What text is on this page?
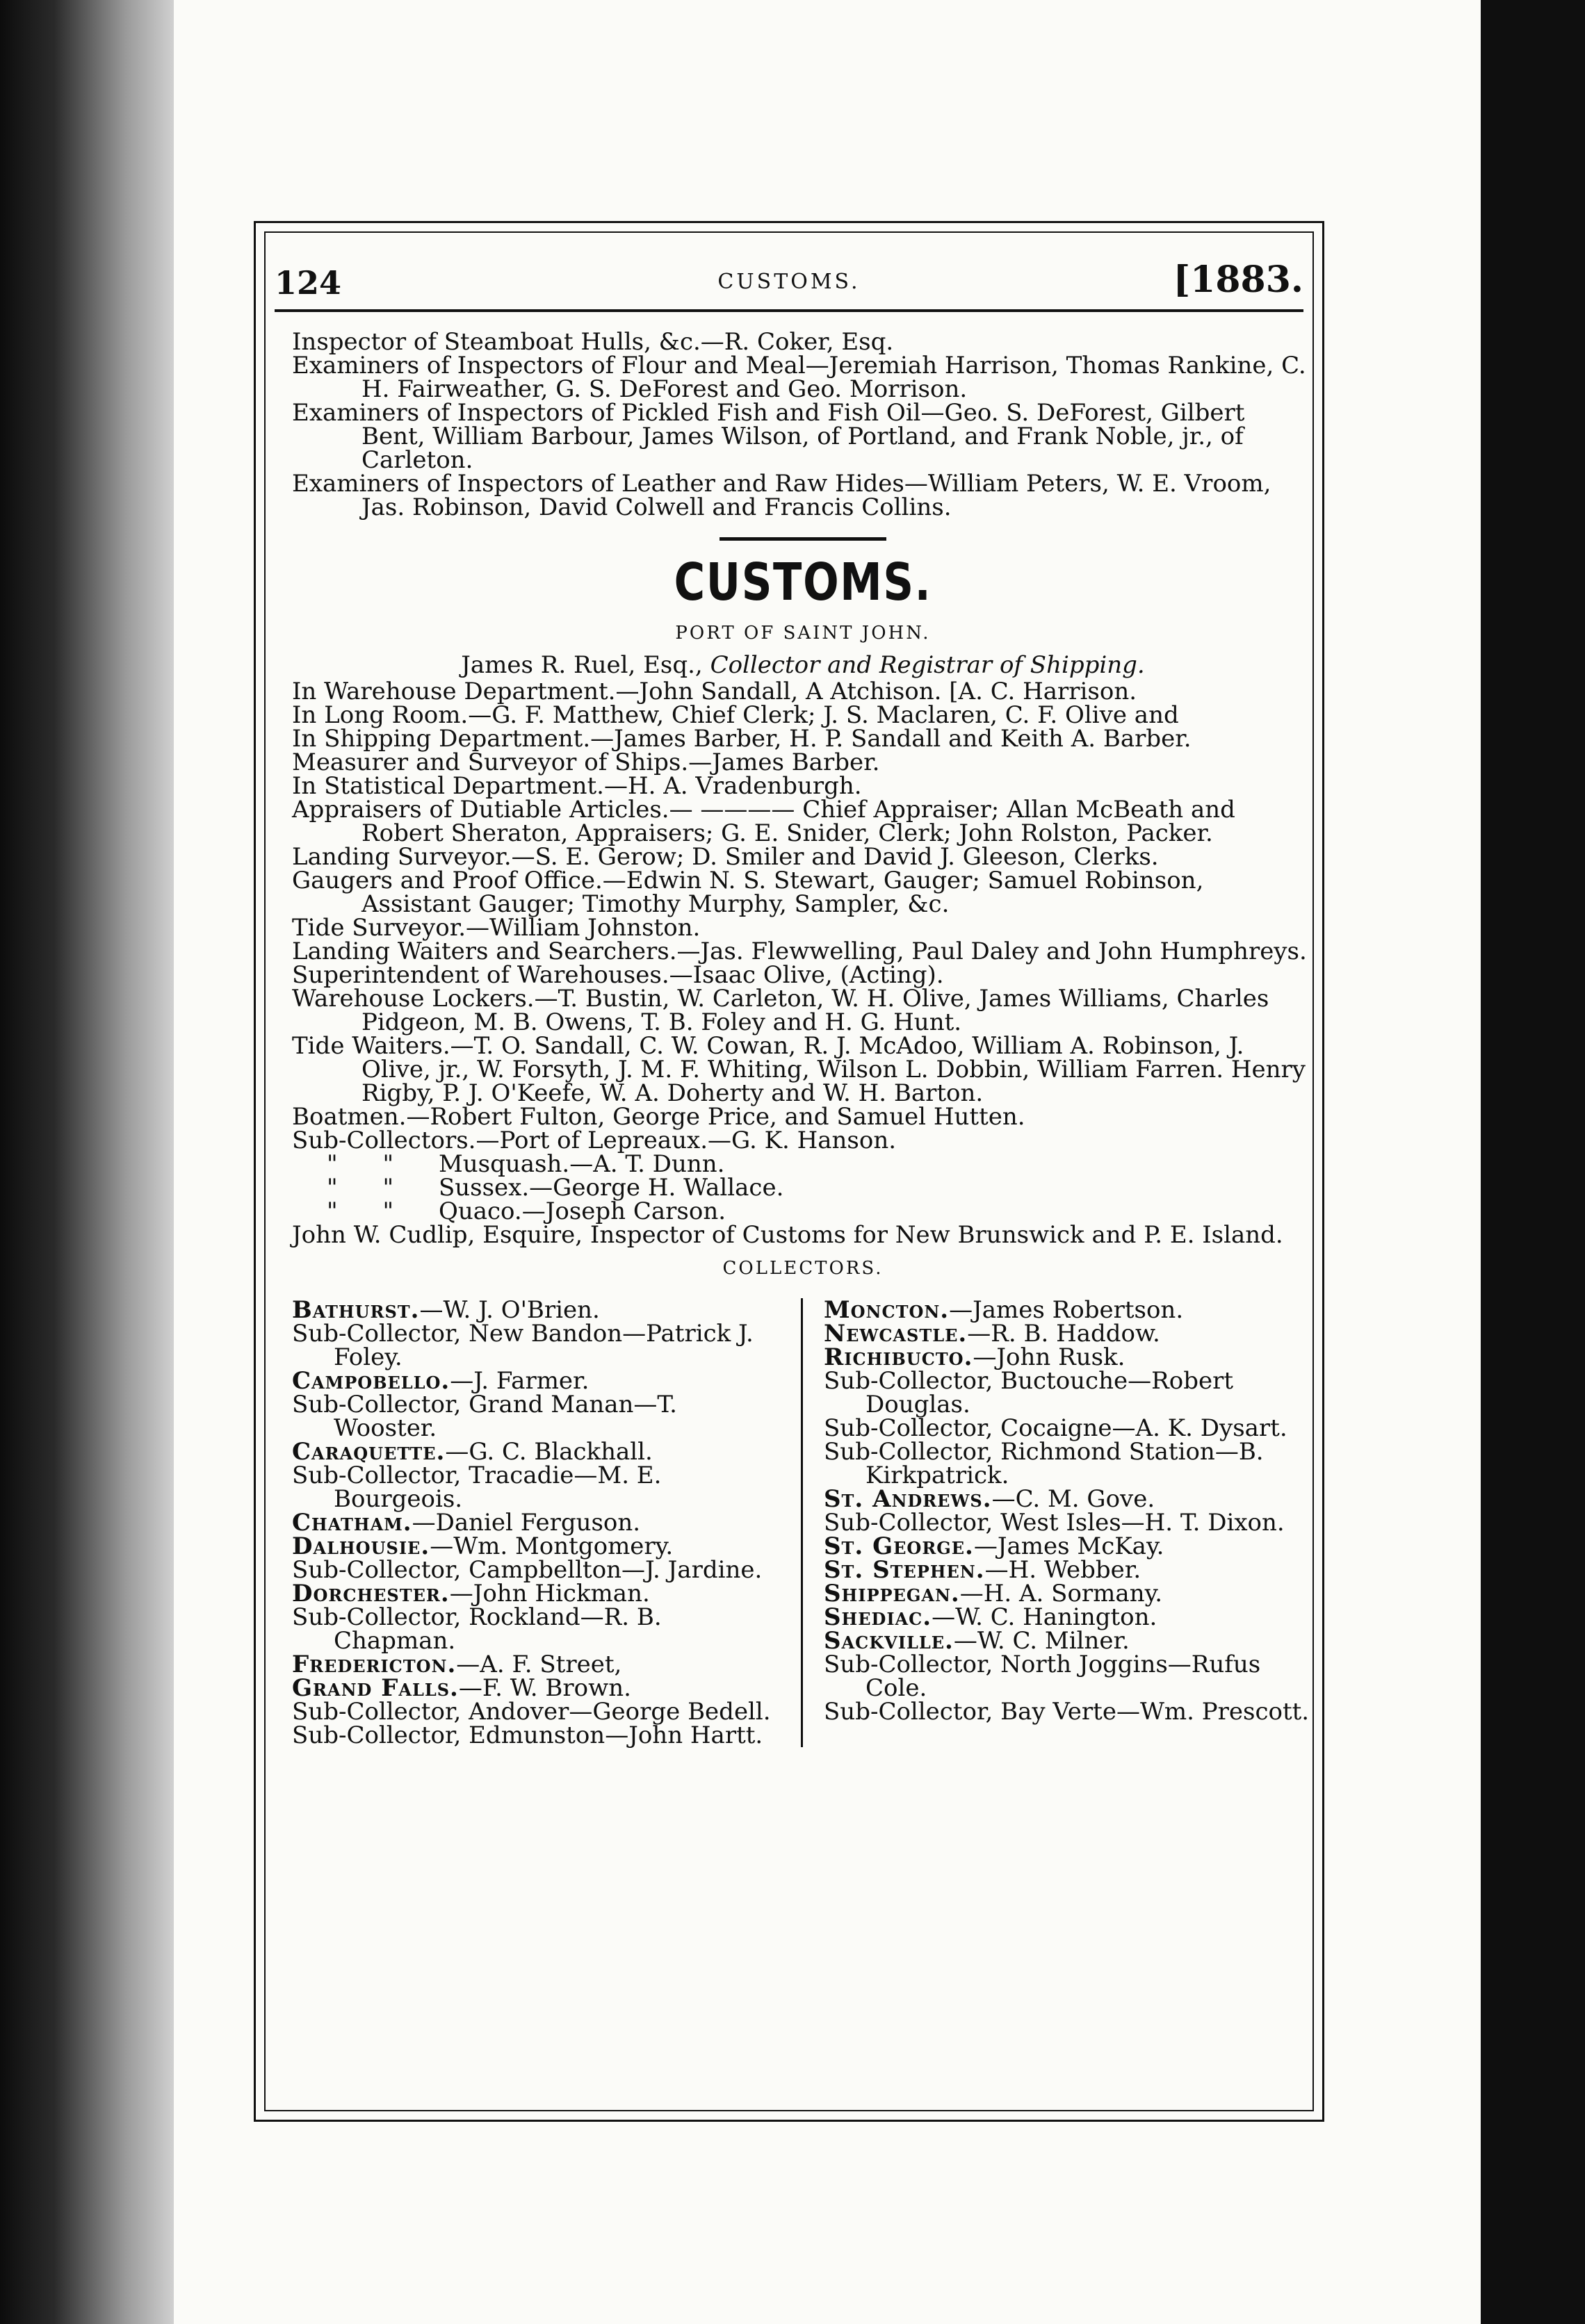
124	CUSTOMS.	[1883.

Inspector of Steamboat Hulls, &c.—R. Coker, Esq.

Examiners of Inspectors of Flour and Meal—Jeremiah Harrison, Thomas Rankine, C. H. Fairweather, G. S. DeForest and Geo. Morrison.

Examiners of Inspectors of Pickled Fish and Fish Oil—Geo. S. DeForest, Gilbert Bent, William Barbour, James Wilson, of Portland, and Frank Noble, jr., of Carleton.

Examiners of Inspectors of Leather and Raw Hides—William Peters, W. E. Vroom, Jas. Robinson, David Colwell and Francis Collins.

CUSTOMS.
PORT OF SAINT JOHN.

James R. Ruel, Esq., Collector and Registrar of Shipping.

In Warehouse Department.—John Sandall, A Atchison. [A. C. Harrison.

In Long Room.—G. F. Matthew, Chief Clerk; J. S. Maclaren, C. F. Olive and

In Shipping Department.—James Barber, H. P. Sandall and Keith A. Barber.

Measurer and Surveyor of Ships.—James Barber.

In Statistical Department.—H. A. Vradenburgh.

Appraisers of Dutiable Articles.— ———— Chief Appraiser; Allan McBeath and Robert Sheraton, Appraisers; G. E. Snider, Clerk; John Rolston, Packer.

Landing Surveyor.—S. E. Gerow; D. Smiler and David J. Gleeson, Clerks.

Gaugers and Proof Office.—Edwin N. S. Stewart, Gauger; Samuel Robinson, Assistant Gauger; Timothy Murphy, Sampler, &c.

Tide Surveyor.—William Johnston.

Landing Waiters and Searchers.—Jas. Flewwelling, Paul Daley and John Humphreys.

Superintendent of Warehouses.—Isaac Olive, (Acting).

Warehouse Lockers.—T. Bustin, W. Carleton, W. H. Olive, James Williams, Charles Pidgeon, M. B. Owens, T. B. Foley and H. G. Hunt.

Tide Waiters.—T. O. Sandall, C. W. Cowan, R. J. McAdoo, William A. Robinson, J. Olive, jr., W. Forsyth, J. M. F. Whiting, Wilson L. Dobbin, William Farren. Henry Rigby, P. J. O'Keefe, W. A. Doherty and W. H. Barton.

Boatmen.—Robert Fulton, George Price, and Samuel Hutten.

Sub-Collectors.—Port of Lepreaux.—G. K. Hanson.

"      "      Musquash.—A. T. Dunn.

"      "      Sussex.—George H. Wallace.

"      "      Quaco.—Joseph Carson.

John W. Cudlip, Esquire, Inspector of Customs for New Brunswick and P. E. Island.

COLLECTORS.

Bathurst.—W. J. O'Brien.

Sub-Collector, New Bandon—Patrick J. Foley.

Campobello.—J. Farmer.

Sub-Collector, Grand Manan—T. Wooster.

Caraquette.—G. C. Blackhall.

Sub-Collector, Tracadie—M. E. Bourgeois.

Chatham.—Daniel Ferguson.

Dalhousie.—Wm. Montgomery.

Sub-Collector, Campbellton—J. Jardine.

Dorchester.—John Hickman.

Sub-Collector, Rockland—R. B. Chapman.

Fredericton.—A. F. Street,

Grand Falls.—F. W. Brown.

Sub-Collector, Andover—George Bedell.

Sub-Collector, Edmunston—John Hartt.

Moncton.—James Robertson.

Newcastle.—R. B. Haddow.

Richibucto.—John Rusk.

Sub-Collector, Buctouche—Robert Douglas.

Sub-Collector, Cocaigne—A. K. Dysart.

Sub-Collector, Richmond Station—B. Kirkpatrick.

St. Andrews.—C. M. Gove.

Sub-Collector, West Isles—H. T. Dixon.

St. George.—James McKay.

St. Stephen.—H. Webber.

Shippegan.—H. A. Sormany.

Shediac.—W. C. Hanington.

Sackville.—W. C. Milner.

Sub-Collector, North Joggins—Rufus Cole.

Sub-Collector, Bay Verte—Wm. Prescott.
